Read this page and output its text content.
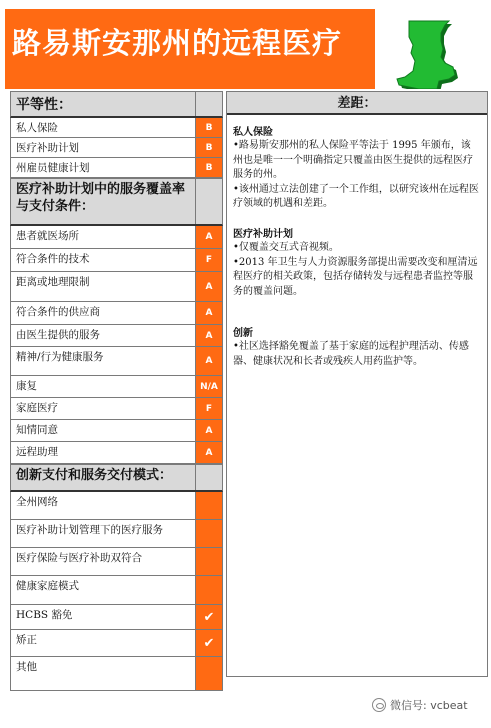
路易斯安那州的远程医疗
平等性：
私人保险	B
医疗补助计划	B
州雇员健康计划	B
医疗补助计划中的服务覆盖率与支付条件：
患者就医场所	A
符合条件的技术	F
距离或地理限制	A
符合条件的供应商	A
由医生提供的服务	A
精神/行为健康服务	A
康复	N/A
家庭医疗	F
知情同意	A
远程助理	A
创新支付和服务交付模式：
全州网络
医疗补助计划管理下的医疗服务
医疗保险与医疗补助双符合
健康家庭模式
HCBS 豁免	✔
矫正	✔
其他
差距：
私人保险
•路易斯安那州的私人保险平等法于 1995 年颁布，该州也是唯一一个明确指定只覆盖由医生提供的远程医疗服务的州。
•该州通过立法创建了一个工作组，以研究该州在远程医疗领域的机遇和差距。
医疗补助计划
•仅覆盖交互式音视频。
•2013 年卫生与人力资源服务部提出需要改变和厘清远程医疗的相关政策，包括存储转发与远程患者监控等服务的覆盖问题。
创新
•社区选择豁免覆盖了基于家庭的远程护理活动、传感器、健康状况和长者或残疾人用药监护等。
微信号: vcbeat
